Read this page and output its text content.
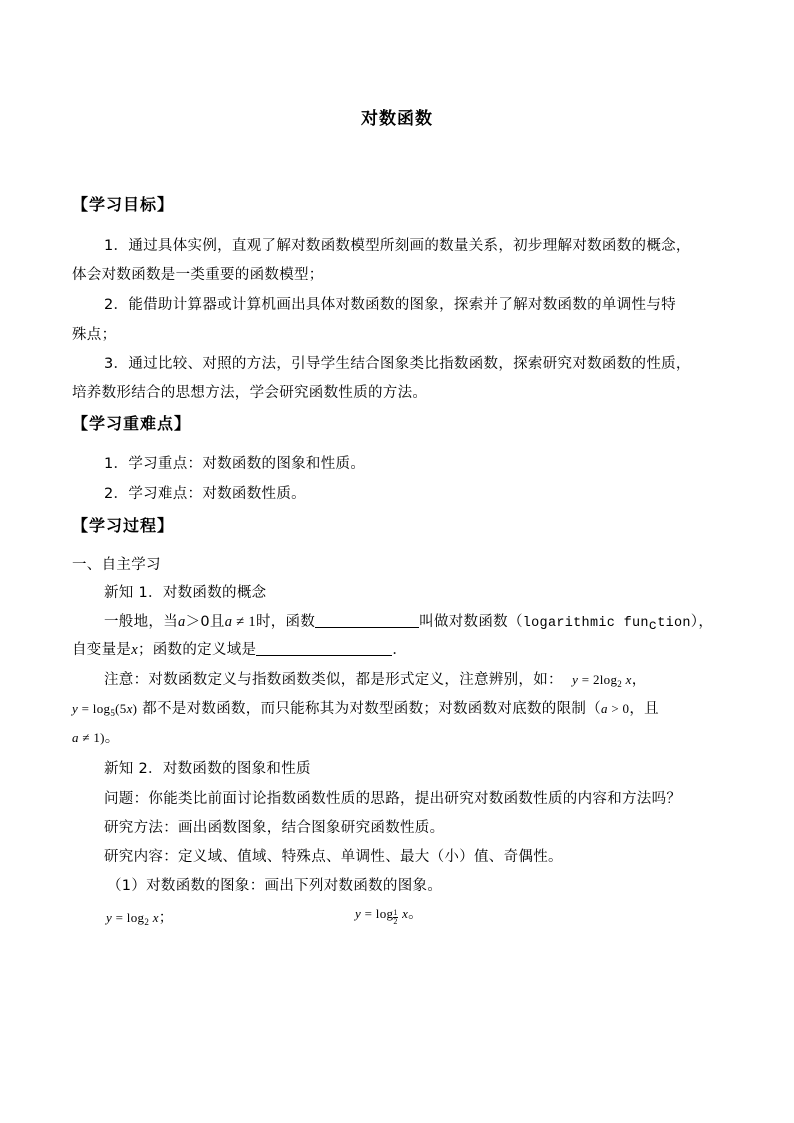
对数函数
【学习目标】
1．通过具体实例，直观了解对数函数模型所刻画的数量关系，初步理解对数函数的概念，
体会对数函数是一类重要的函数模型；
2．能借助计算器或计算机画出具体对数函数的图象，探索并了解对数函数的单调性与特
殊点；
3．通过比较、对照的方法，引导学生结合图象类比指数函数，探索研究对数函数的性质，
培养数形结合的思想方法，学会研究函数性质的方法。
【学习重难点】
1．学习重点：对数函数的图象和性质。
2．学习难点：对数函数性质。
【学习过程】
一、自主学习
新知 1．对数函数的概念
一般地，当a＞0且a ≠ 1时，函数	叫做对数函数（logarithmic function），
自变量是x；函数的定义域是	．
注意：对数函数定义与指数函数类似，都是形式定义，注意辨别，如： $y = 2\log_2$ x，
$y = \log_5(5x)$ 都不是对数函数，而只能称其为对数型函数；对数函数对底数的限制（a > 0，且
a ≠ 1)。
新知 2．对数函数的图象和性质
问题：你能类比前面讨论指数函数性质的思路，提出研究对数函数性质的内容和方法吗？
研究方法：画出函数图象，结合图象研究函数性质。
研究内容：定义域、值域、特殊点、单调性、最大（小）值、奇偶性。
（1）对数函数的图象：画出下列对数函数的图象。
$y = \log_2 x$；	$y = \log \frac{1}{2}$ x。
